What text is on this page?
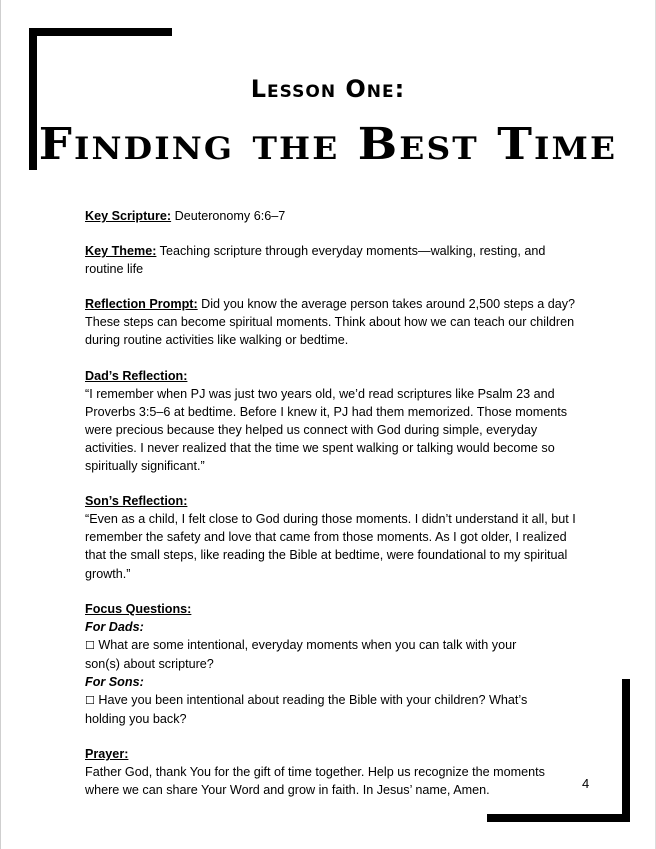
Lesson One:
Finding the Best Time

Key Scripture: Deuteronomy 6:6–7

Key Theme: Teaching scripture through everyday moments—walking, resting, and routine life

Reflection Prompt: Did you know the average person takes around 2,500 steps a day? These steps can become spiritual moments. Think about how we can teach our children during routine activities like walking or bedtime.

Dad’s Reflection:

“I remember when PJ was just two years old, we’d read scriptures like Psalm 23 and Proverbs 3:5–6 at bedtime. Before I knew it, PJ had them memorized. Those moments were precious because they helped us connect with God during simple, everyday activities. I never realized that the time we spent walking or talking would become so spiritually significant.”

Son’s Reflection:

“Even as a child, I felt close to God during those moments. I didn’t understand it all, but I remember the safety and love that came from those moments. As I got older, I realized that the small steps, like reading the Bible at bedtime, were foundational to my spiritual growth.”

Focus Questions:

For Dads:

☐ What are some intentional, everyday moments when you can talk with your son(s) about scripture?

For Sons:

☐ Have you been intentional about reading the Bible with your children? What’s holding you back?

Prayer:

Father God, thank You for the gift of time together. Help us recognize the moments where we can share Your Word and grow in faith. In Jesus’ name, Amen.	4
